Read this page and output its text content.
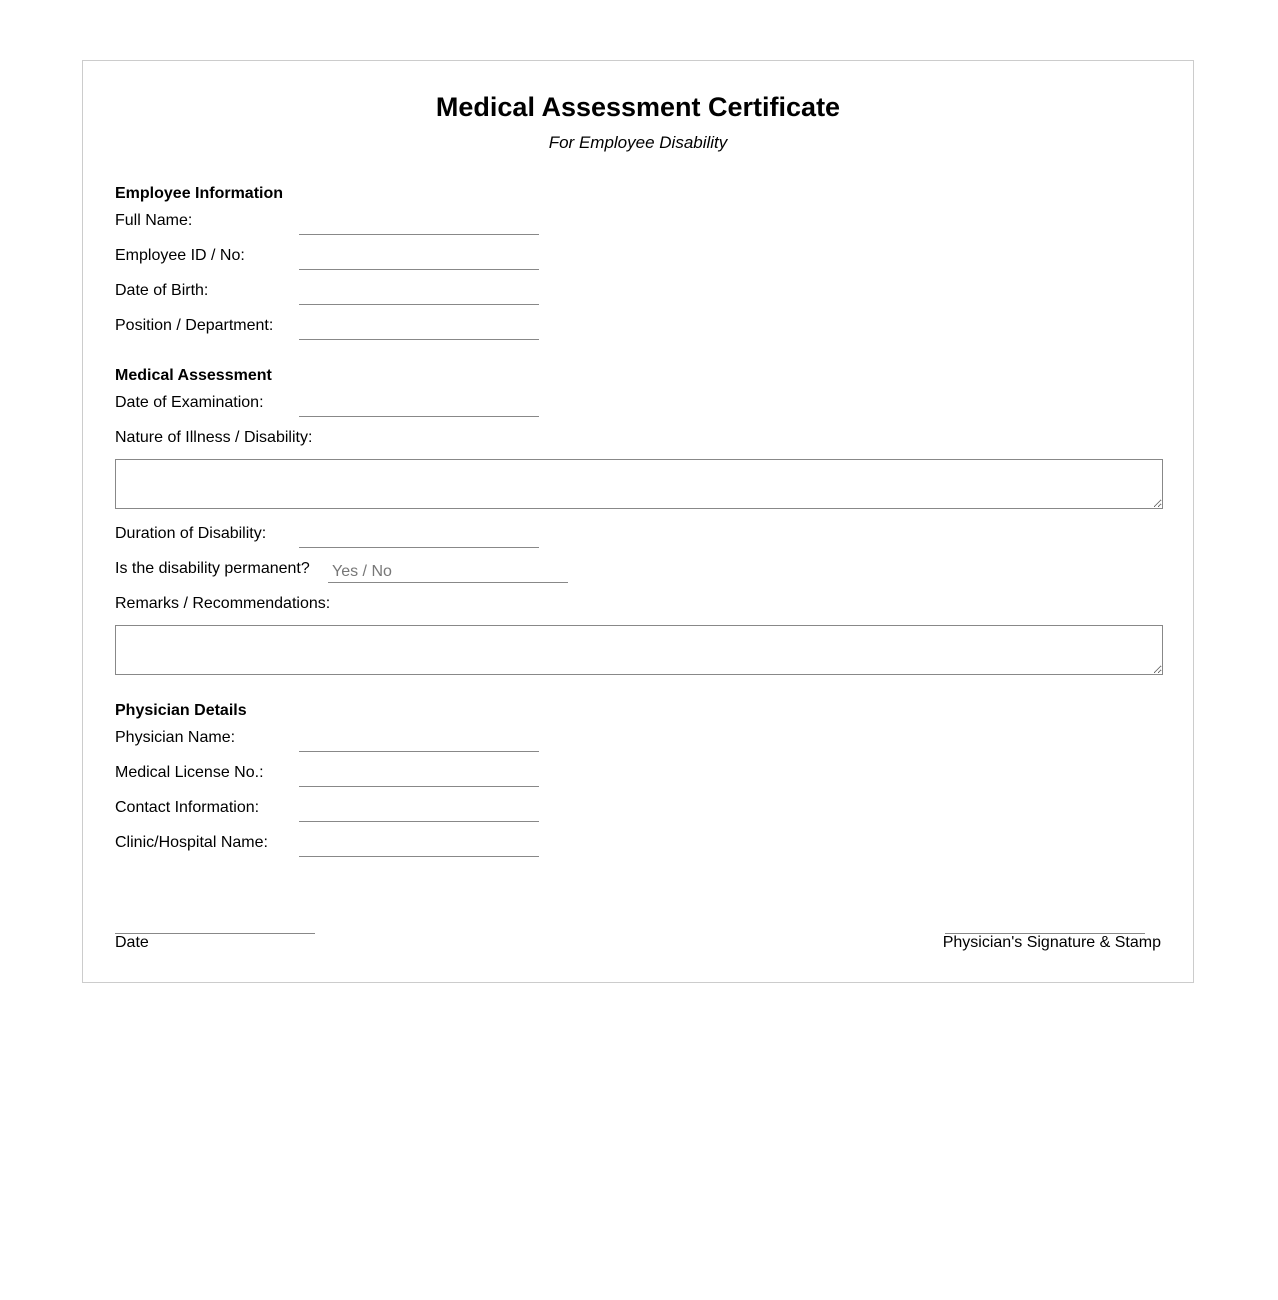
Medical Assessment Certificate
For Employee Disability
Employee Information
Full Name:
Employee ID / No:
Date of Birth:
Position / Department:
Medical Assessment
Date of Examination:
Nature of Illness / Disability:
Duration of Disability:
Is the disability permanent?
Yes / No
Remarks / Recommendations:
Physician Details
Physician Name:
Medical License No.:
Contact Information:
Clinic/Hospital Name:
Date	Physician's Signature & Stamp
